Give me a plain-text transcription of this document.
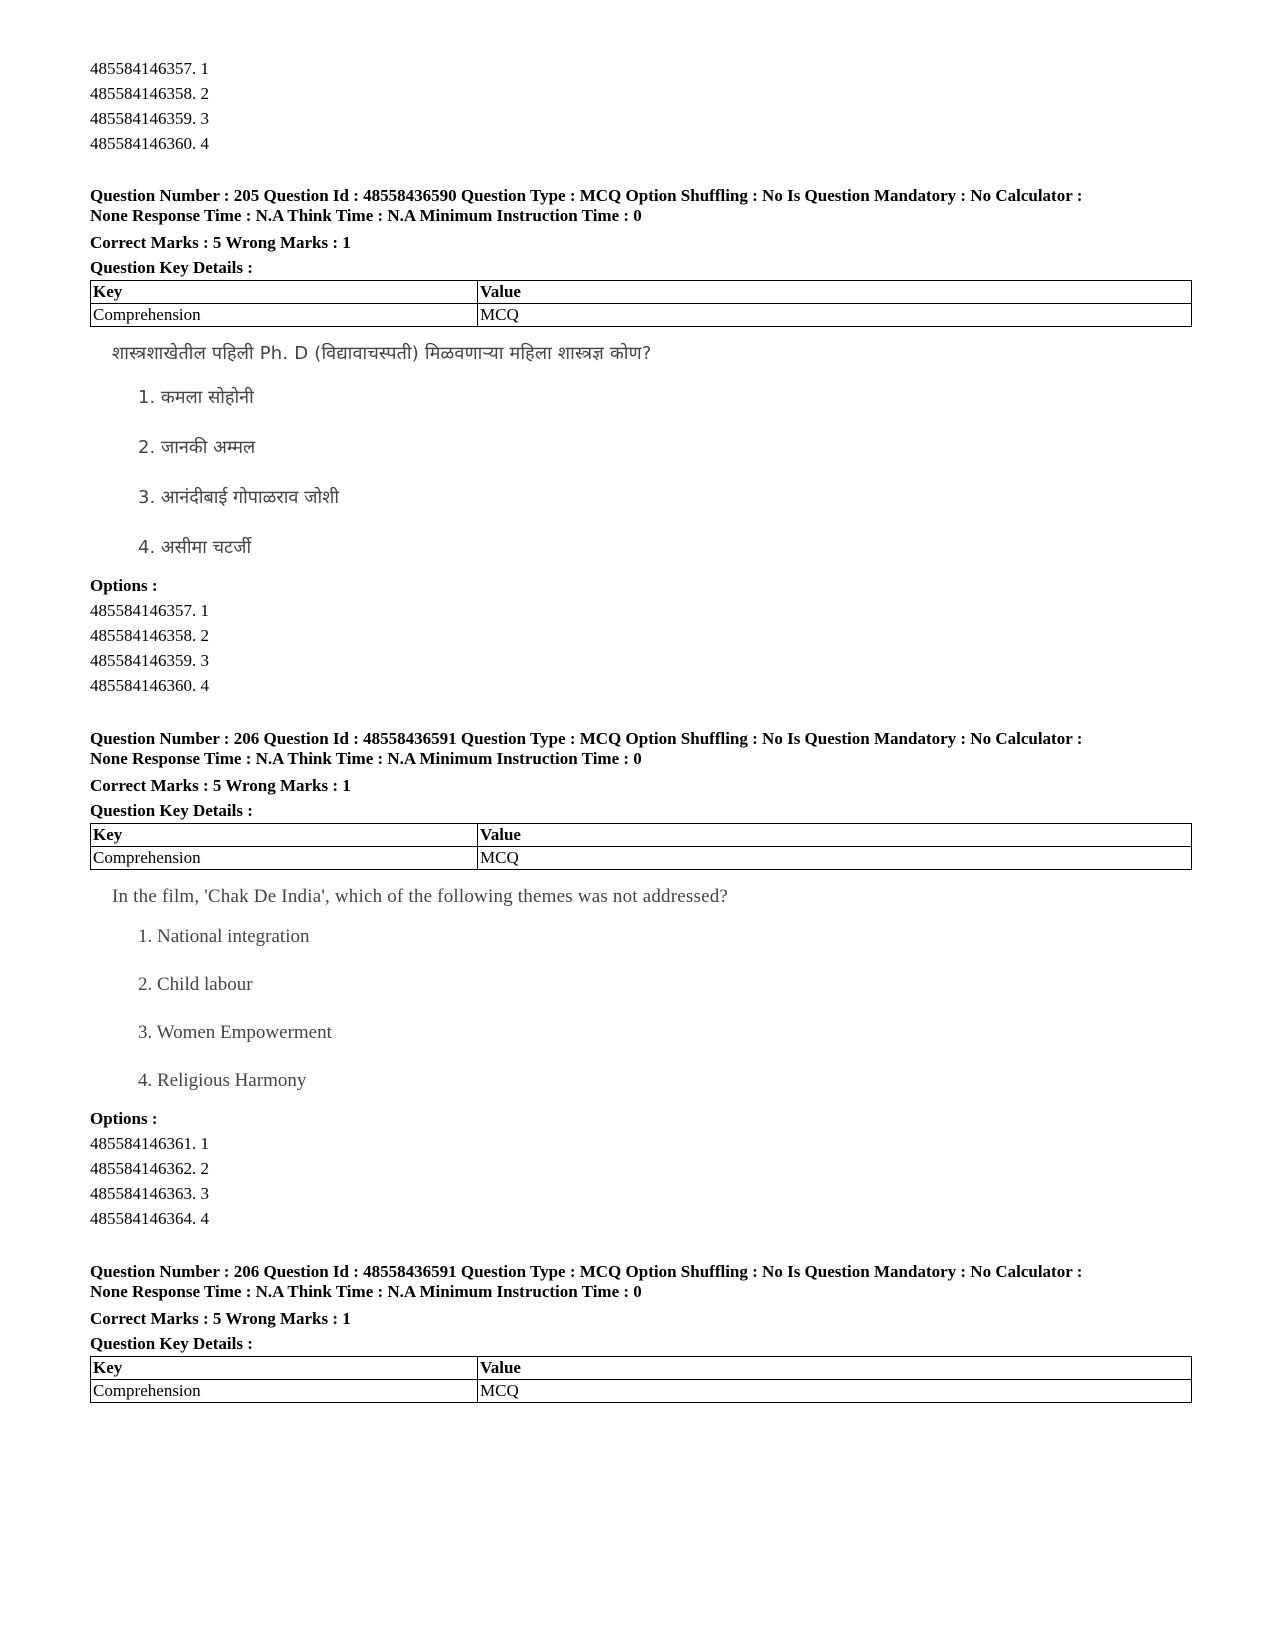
485584146357. 1
485584146358. 2
485584146359. 3
485584146360. 4
Question Number : 205 Question Id : 48558436590 Question Type : MCQ Option Shuffling : No Is Question Mandatory : No Calculator :
None Response Time : N.A Think Time : N.A Minimum Instruction Time : 0
Correct Marks : 5 Wrong Marks : 1
Question Key Details :
Key	Value
Comprehension	MCQ
शास्त्रशाखेतील पहिली Ph. D (विद्यावाचस्पती) मिळवणाऱ्या महिला शास्त्रज्ञ कोण?
1. कमला सोहोनी
2. जानकी अम्मल
3. आनंदीबाई गोपाळराव जोशी
4. असीमा चटर्जी
Options :
485584146357. 1
485584146358. 2
485584146359. 3
485584146360. 4
Question Number : 206 Question Id : 48558436591 Question Type : MCQ Option Shuffling : No Is Question Mandatory : No Calculator :
None Response Time : N.A Think Time : N.A Minimum Instruction Time : 0
Correct Marks : 5 Wrong Marks : 1
Question Key Details :
Key	Value
Comprehension	MCQ
In the film, 'Chak De India', which of the following themes was not addressed?
1. National integration
2. Child labour
3. Women Empowerment
4. Religious Harmony
Options :
485584146361. 1
485584146362. 2
485584146363. 3
485584146364. 4
Question Number : 206 Question Id : 48558436591 Question Type : MCQ Option Shuffling : No Is Question Mandatory : No Calculator :
None Response Time : N.A Think Time : N.A Minimum Instruction Time : 0
Correct Marks : 5 Wrong Marks : 1
Question Key Details :
Key	Value
Comprehension	MCQ
